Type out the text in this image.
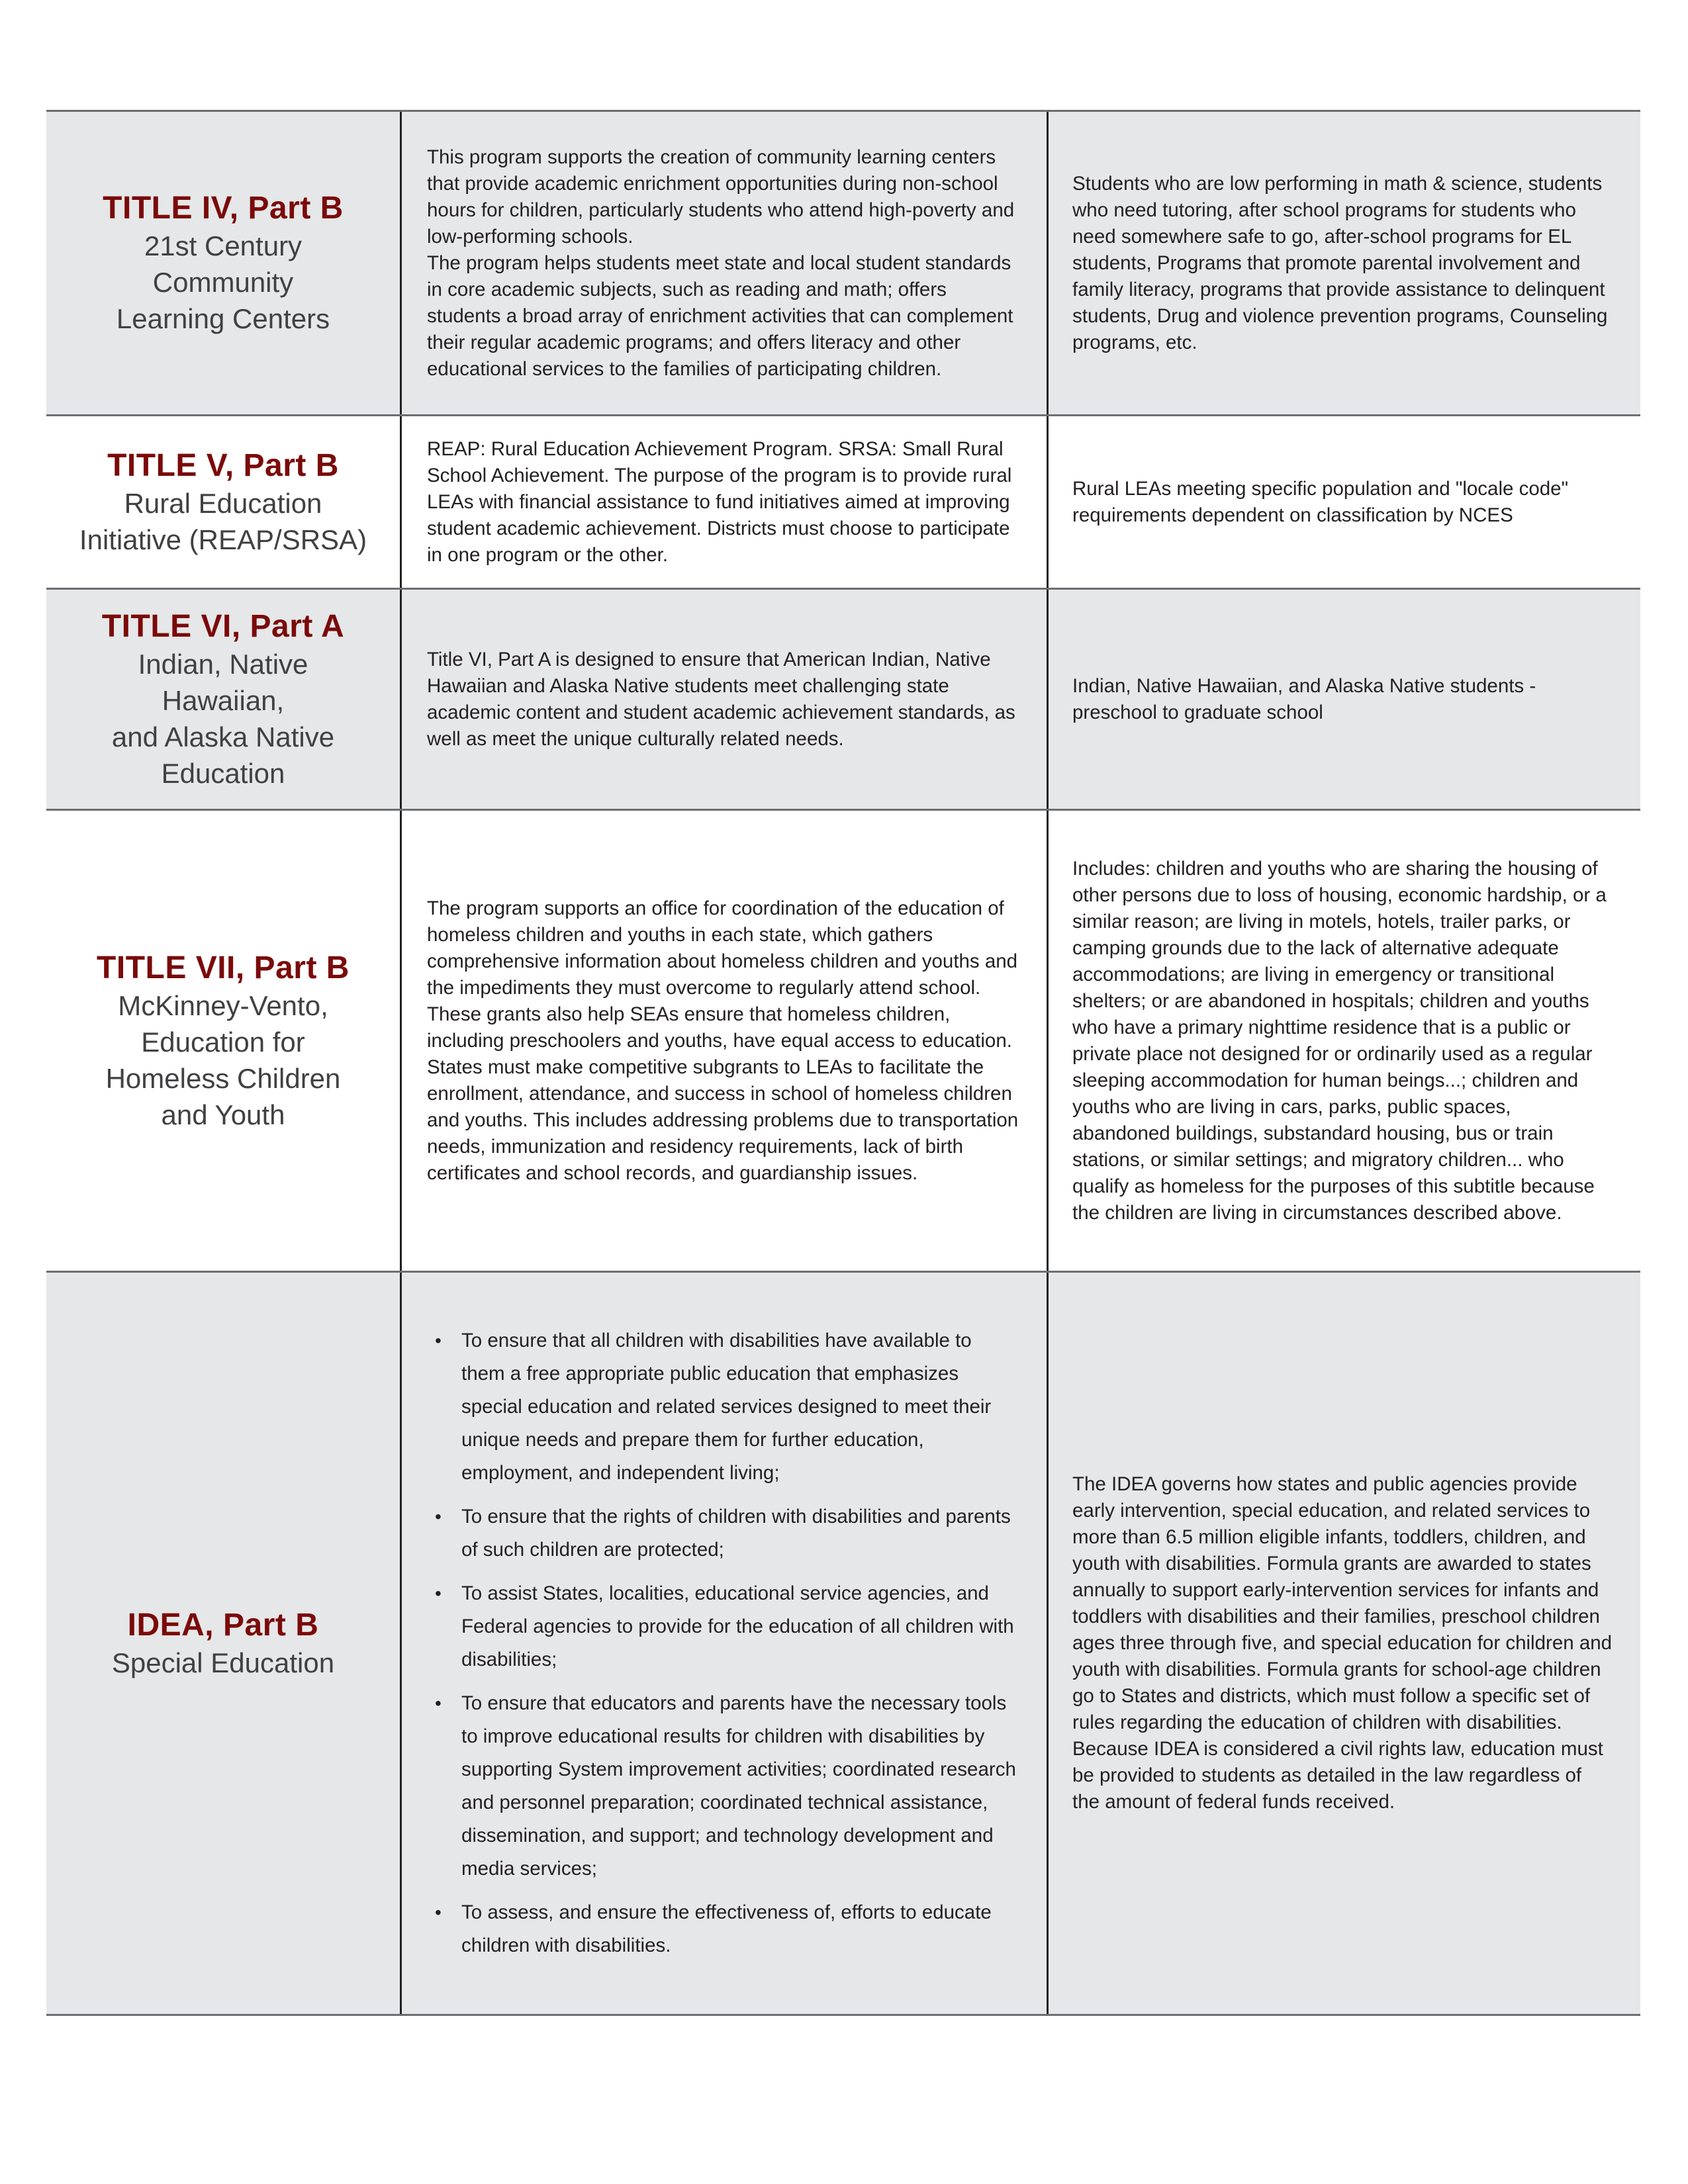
TITLE IV, Part B
21st Century
Community
Learning Centers
This program supports the creation of community learning centers that provide academic enrichment opportunities during non-school hours for children, particularly students who attend high-poverty and low-performing schools.
The program helps students meet state and local student standards in core academic subjects, such as reading and math; offers students a broad array of enrichment activities that can complement their regular academic programs; and offers literacy and other educational services to the families of participating children.
Students who are low performing in math & science, students who need tutoring, after school programs for students who need somewhere safe to go, after-school programs for EL students, Programs that promote parental involvement and family literacy, programs that provide assistance to delinquent students, Drug and violence prevention programs, Counseling programs, etc.
TITLE V, Part B
Rural Education
Initiative (REAP/SRSA)
REAP: Rural Education Achievement Program. SRSA: Small Rural School Achievement. The purpose of the program is to provide rural LEAs with financial assistance to fund initiatives aimed at improving student academic achievement. Districts must choose to participate in one program or the other.
Rural LEAs meeting specific population and "locale code" requirements dependent on classification by NCES
TITLE VI, Part A
Indian, Native
Hawaiian,
and Alaska Native
Education
Title VI, Part A is designed to ensure that American Indian, Native Hawaiian and Alaska Native students meet challenging state academic content and student academic achievement standards, as well as meet the unique culturally related needs.
Indian, Native Hawaiian, and Alaska Native students - preschool to graduate school
TITLE VII, Part B
McKinney-Vento,
Education for
Homeless Children
and Youth
The program supports an office for coordination of the education of homeless children and youths in each state, which gathers comprehensive information about homeless children and youths and the impediments they must overcome to regularly attend school. These grants also help SEAs ensure that homeless children, including preschoolers and youths, have equal access to education. States must make competitive subgrants to LEAs to facilitate the enrollment, attendance, and success in school of homeless children and youths. This includes addressing problems due to transportation needs, immunization and residency requirements, lack of birth certificates and school records, and guardianship issues.
Includes: children and youths who are sharing the housing of other persons due to loss of housing, economic hardship, or a similar reason; are living in motels, hotels, trailer parks, or camping grounds due to the lack of alternative adequate accommodations; are living in emergency or transitional shelters; or are abandoned in hospitals; children and youths who have a primary nighttime residence that is a public or private place not designed for or ordinarily used as a regular sleeping accommodation for human beings...; children and youths who are living in cars, parks, public spaces, abandoned buildings, substandard housing, bus or train stations, or similar settings; and migratory children... who qualify as homeless for the purposes of this subtitle because the children are living in circumstances described above.
IDEA, Part B
Special Education
• To ensure that all children with disabilities have available to them a free appropriate public education that emphasizes special education and related services designed to meet their unique needs and prepare them for further education, employment, and independent living;
• To ensure that the rights of children with disabilities and parents of such children are protected;
• To assist States, localities, educational service agencies, and Federal agencies to provide for the education of all children with disabilities;
• To ensure that educators and parents have the necessary tools to improve educational results for children with disabilities by supporting System improvement activities; coordinated research and personnel preparation; coordinated technical assistance, dissemination, and support; and technology development and media services;
• To assess, and ensure the effectiveness of, efforts to educate children with disabilities.
The IDEA governs how states and public agencies provide early intervention, special education, and related services to more than 6.5 million eligible infants, toddlers, children, and youth with disabilities. Formula grants are awarded to states annually to support early-intervention services for infants and toddlers with disabilities and their families, preschool children ages three through five, and special education for children and youth with disabilities. Formula grants for school-age children go to States and districts, which must follow a specific set of rules regarding the education of children with disabilities. Because IDEA is considered a civil rights law, education must be provided to students as detailed in the law regardless of the amount of federal funds received.
